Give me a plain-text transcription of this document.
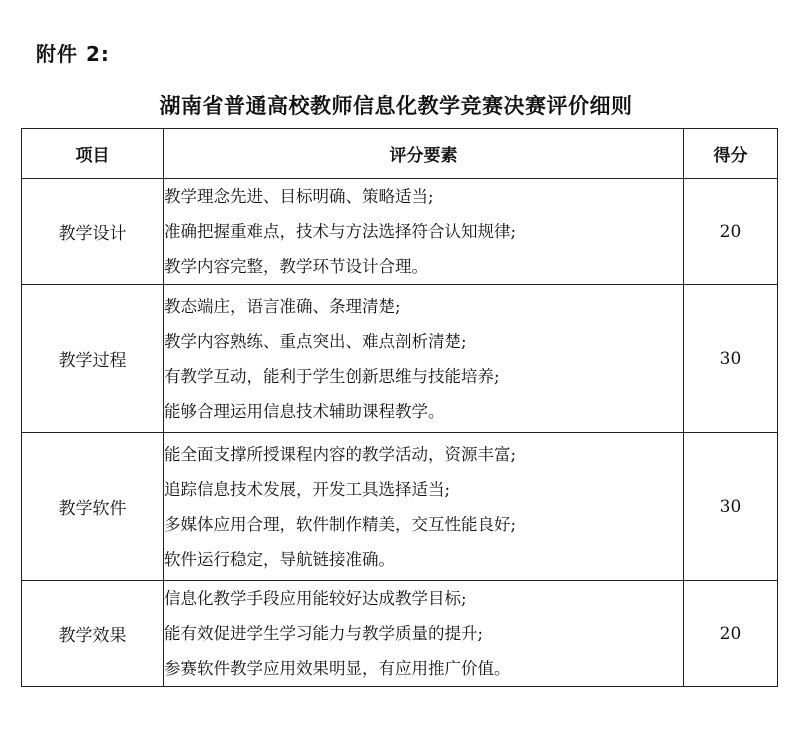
附件 2:
湖南省普通高校教师信息化教学竞赛决赛评价细则
项目	评分要素	得分
教学设计	教学理念先进、目标明确、策略适当;
准确把握重难点，技术与方法选择符合认知规律;
教学内容完整，教学环节设计合理。	20
教学过程	教态端庄，语言准确、条理清楚;
教学内容熟练、重点突出、难点剖析清楚;
有教学互动，能利于学生创新思维与技能培养;
能够合理运用信息技术辅助课程教学。	30
教学软件	能全面支撑所授课程内容的教学活动，资源丰富;
追踪信息技术发展，开发工具选择适当;
多媒体应用合理，软件制作精美，交互性能良好;
软件运行稳定，导航链接准确。	30
教学效果	信息化教学手段应用能较好达成教学目标;
能有效促进学生学习能力与教学质量的提升;
参赛软件教学应用效果明显，有应用推广价值。	20
